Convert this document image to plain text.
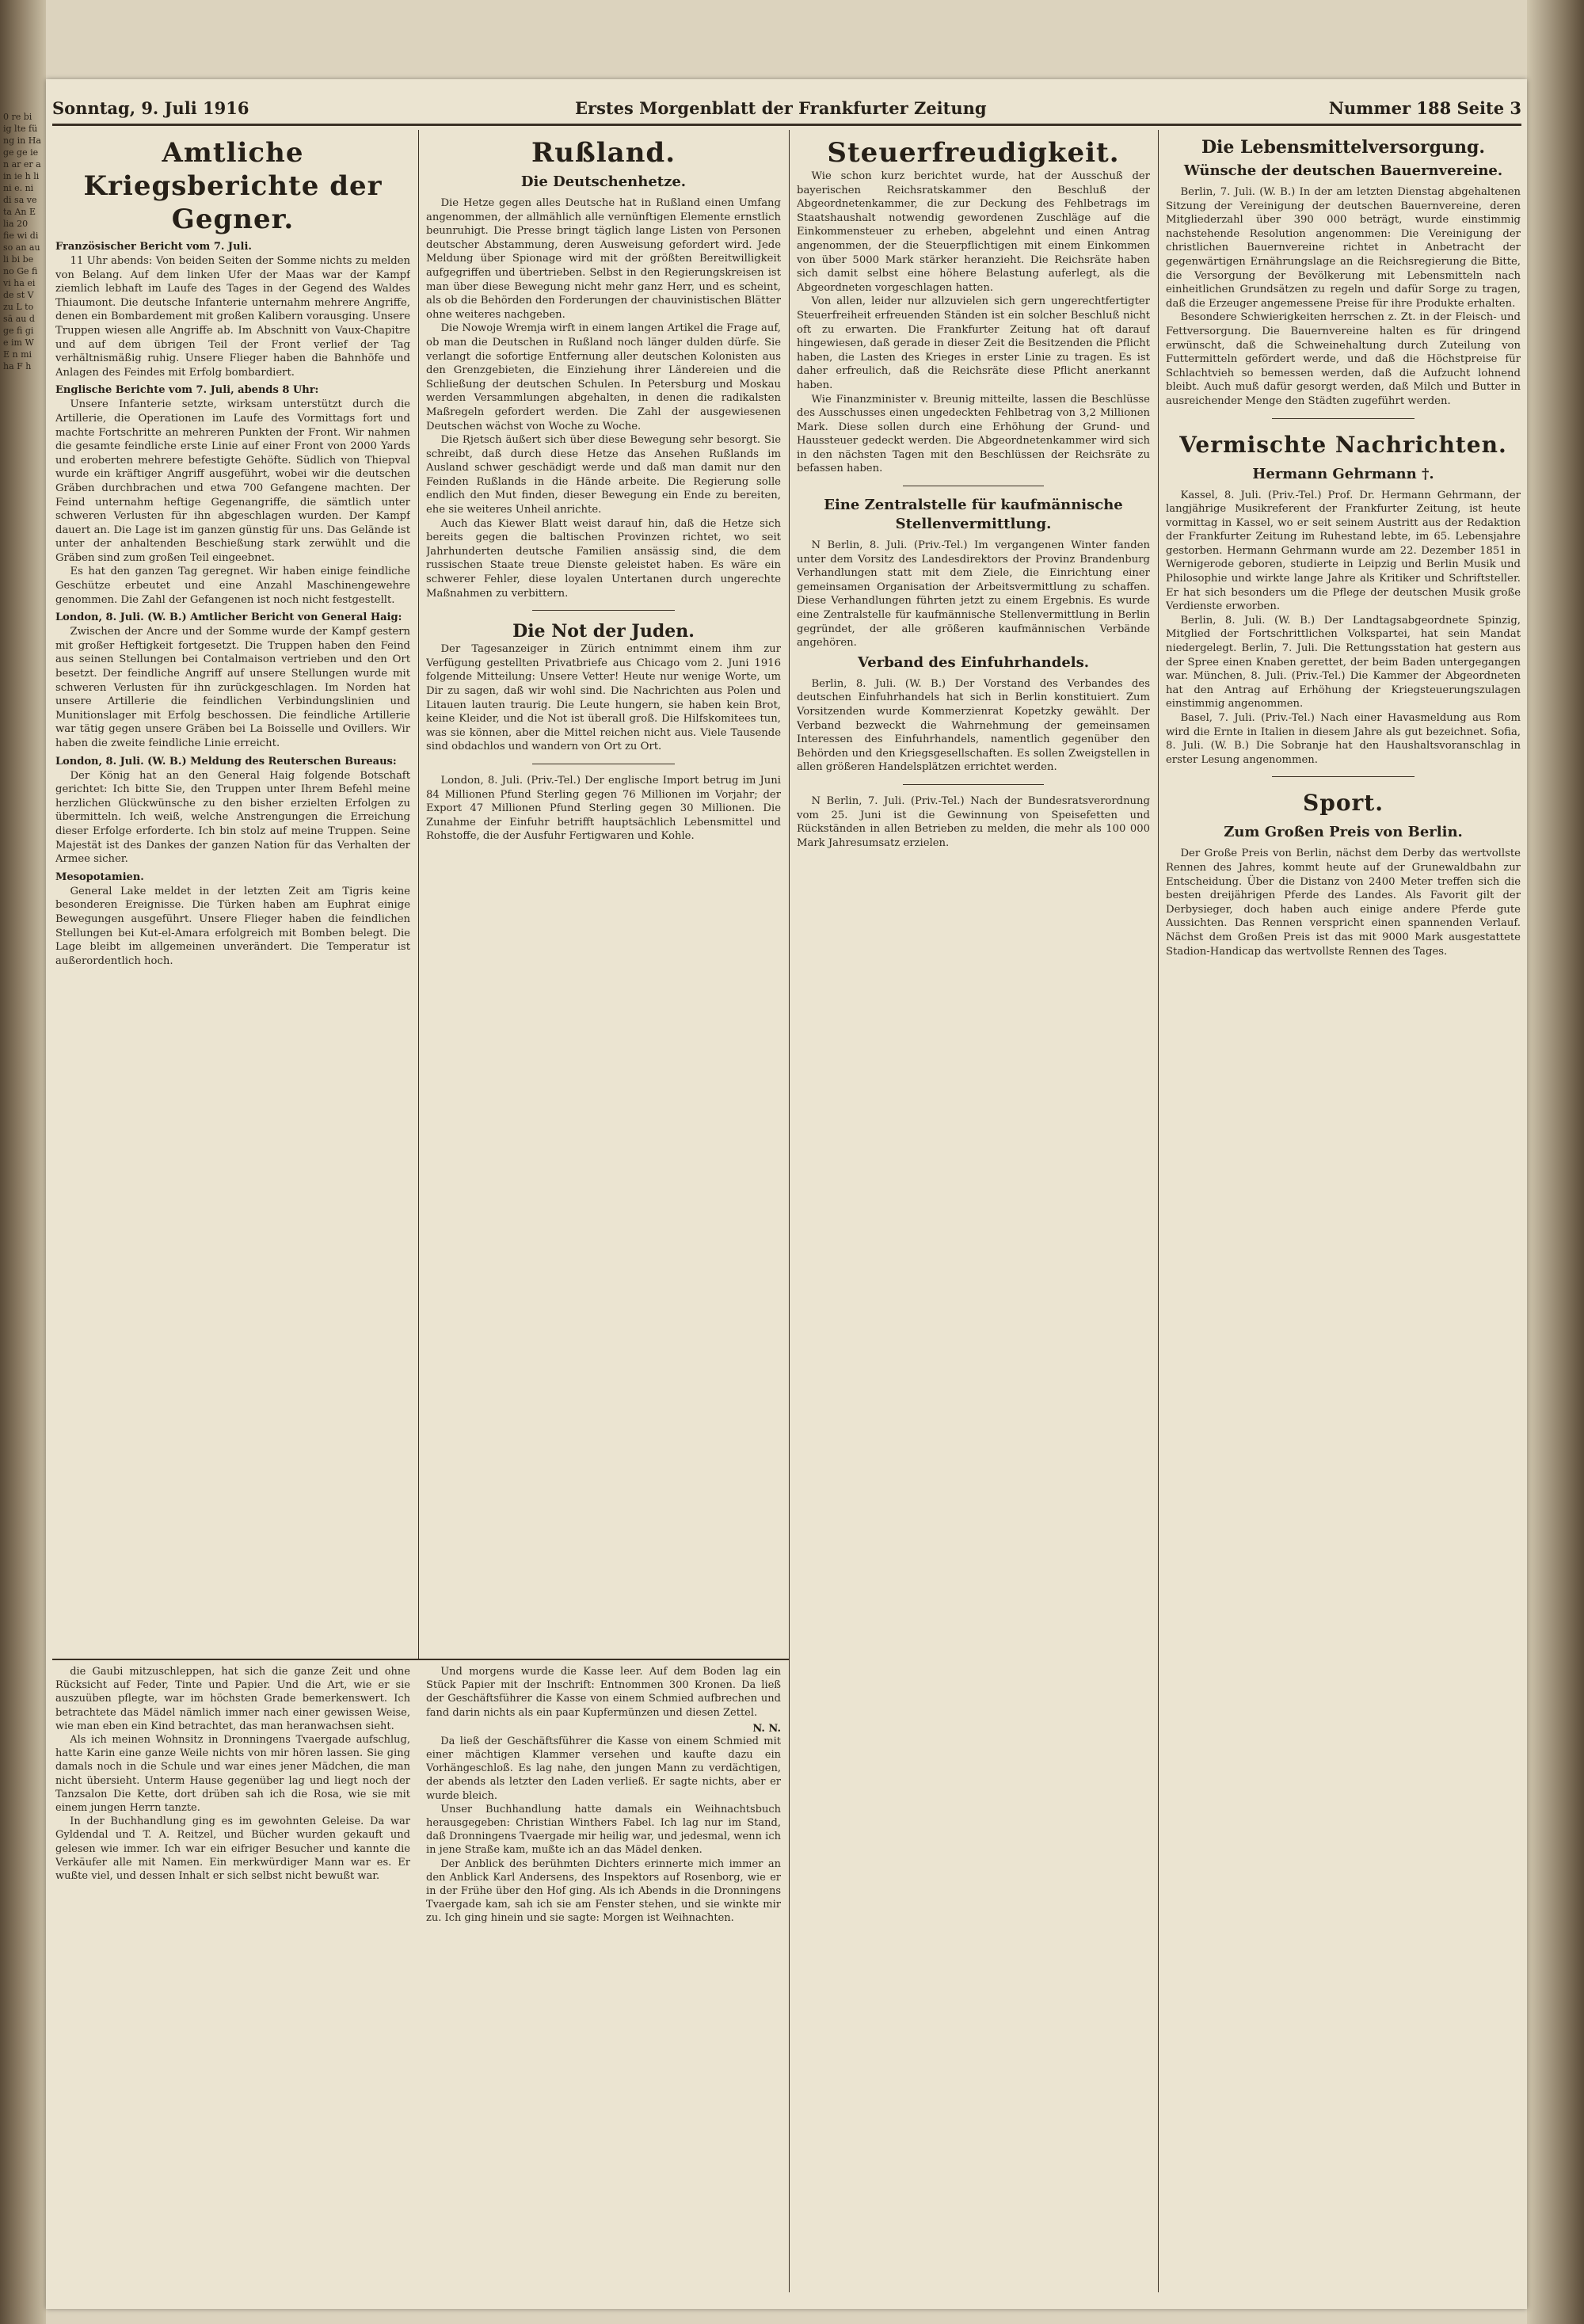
0 re bi ig lte fü ng in Ha ge ge ie n ar er a in ie h li ni e. ni di sa ve ta An E lia 20 fie wi di so an au li bi be no Ge fi vi ha ei de st V zu L to sä au d ge fi gi e im W E n mi ha F h
Sonntag, 9. Juli 1916	Erstes Morgenblatt der Frankfurter Zeitung	Nummer 188 Seite 3
Amtliche Kriegsberichte der Gegner.
Französischer Bericht vom 7. Juli.

11 Uhr abends: Von beiden Seiten der Somme nichts zu melden von Belang. Auf dem linken Ufer der Maas war der Kampf ziemlich lebhaft im Laufe des Tages in der Gegend des Waldes Thiaumont. Die deutsche Infanterie unternahm mehrere Angriffe, denen ein Bombardement mit großen Kalibern vorausging. Unsere Truppen wiesen alle Angriffe ab. Im Abschnitt von Vaux-Chapitre und auf dem übrigen Teil der Front verlief der Tag verhältnismäßig ruhig. Unsere Flieger haben die Bahnhöfe und Anlagen des Feindes mit Erfolg bombardiert.

Englische Berichte vom 7. Juli, abends 8 Uhr:

Unsere Infanterie setzte, wirksam unterstützt durch die Artillerie, die Operationen im Laufe des Vormittags fort und machte Fortschritte an mehreren Punkten der Front. Wir nahmen die gesamte feindliche erste Linie auf einer Front von 2000 Yards und eroberten mehrere befestigte Gehöfte. Südlich von Thiepval wurde ein kräftiger Angriff ausgeführt, wobei wir die deutschen Gräben durchbrachen und etwa 700 Gefangene machten. Der Feind unternahm heftige Gegenangriffe, die sämtlich unter schweren Verlusten für ihn abgeschlagen wurden. Der Kampf dauert an. Die Lage ist im ganzen günstig für uns. Das Gelände ist unter der anhaltenden Beschießung stark zerwühlt und die Gräben sind zum großen Teil eingeebnet.

Es hat den ganzen Tag geregnet. Wir haben einige feindliche Geschütze erbeutet und eine Anzahl Maschinengewehre genommen. Die Zahl der Gefangenen ist noch nicht festgestellt.

London, 8. Juli. (W. B.) Amtlicher Bericht von General Haig:

Zwischen der Ancre und der Somme wurde der Kampf gestern mit großer Heftigkeit fortgesetzt. Die Truppen haben den Feind aus seinen Stellungen bei Contalmaison vertrieben und den Ort besetzt. Der feindliche Angriff auf unsere Stellungen wurde mit schweren Verlusten für ihn zurückgeschlagen. Im Norden hat unsere Artillerie die feindlichen Verbindungslinien und Munitionslager mit Erfolg beschossen. Die feindliche Artillerie war tätig gegen unsere Gräben bei La Boisselle und Ovillers. Wir haben die zweite feindliche Linie erreicht.

London, 8. Juli. (W. B.) Meldung des Reuterschen Bureaus:

Der König hat an den General Haig folgende Botschaft gerichtet: Ich bitte Sie, den Truppen unter Ihrem Befehl meine herzlichen Glückwünsche zu den bisher erzielten Erfolgen zu übermitteln. Ich weiß, welche Anstrengungen die Erreichung dieser Erfolge erforderte. Ich bin stolz auf meine Truppen. Seine Majestät ist des Dankes der ganzen Nation für das Verhalten der Armee sicher.

Mesopotamien.

General Lake meldet in der letzten Zeit am Tigris keine besonderen Ereignisse. Die Türken haben am Euphrat einige Bewegungen ausgeführt. Unsere Flieger haben die feindlichen Stellungen bei Kut-el-Amara erfolgreich mit Bomben belegt. Die Lage bleibt im allgemeinen unverändert. Die Temperatur ist außerordentlich hoch.

Rußland.
Die Deutschenhetze.

Die Hetze gegen alles Deutsche hat in Rußland einen Umfang angenommen, der allmählich alle vernünftigen Elemente ernstlich beunruhigt. Die Presse bringt täglich lange Listen von Personen deutscher Abstammung, deren Ausweisung gefordert wird. Jede Meldung über Spionage wird mit der größten Bereitwilligkeit aufgegriffen und übertrieben. Selbst in den Regierungskreisen ist man über diese Bewegung nicht mehr ganz Herr, und es scheint, als ob die Behörden den Forderungen der chauvinistischen Blätter ohne weiteres nachgeben.

Die Nowoje Wremja wirft in einem langen Artikel die Frage auf, ob man die Deutschen in Rußland noch länger dulden dürfe. Sie verlangt die sofortige Entfernung aller deutschen Kolonisten aus den Grenzgebieten, die Einziehung ihrer Ländereien und die Schließung der deutschen Schulen. In Petersburg und Moskau werden Versammlungen abgehalten, in denen die radikalsten Maßregeln gefordert werden. Die Zahl der ausgewiesenen Deutschen wächst von Woche zu Woche.

Die Rjetsch äußert sich über diese Bewegung sehr besorgt. Sie schreibt, daß durch diese Hetze das Ansehen Rußlands im Ausland schwer geschädigt werde und daß man damit nur den Feinden Rußlands in die Hände arbeite. Die Regierung solle endlich den Mut finden, dieser Bewegung ein Ende zu bereiten, ehe sie weiteres Unheil anrichte.

Auch das Kiewer Blatt weist darauf hin, daß die Hetze sich bereits gegen die baltischen Provinzen richtet, wo seit Jahrhunderten deutsche Familien ansässig sind, die dem russischen Staate treue Dienste geleistet haben. Es wäre ein schwerer Fehler, diese loyalen Untertanen durch ungerechte Maßnahmen zu verbittern.

Die Not der Juden.

Der Tagesanzeiger in Zürich entnimmt einem ihm zur Verfügung gestellten Privatbriefe aus Chicago vom 2. Juni 1916 folgende Mitteilung: Unsere Vetter! Heute nur wenige Worte, um Dir zu sagen, daß wir wohl sind. Die Nachrichten aus Polen und Litauen lauten traurig. Die Leute hungern, sie haben kein Brot, keine Kleider, und die Not ist überall groß. Die Hilfskomitees tun, was sie können, aber die Mittel reichen nicht aus. Viele Tausende sind obdachlos und wandern von Ort zu Ort.

London, 8. Juli. (Priv.-Tel.) Der englische Import betrug im Juni 84 Millionen Pfund Sterling gegen 76 Millionen im Vorjahr; der Export 47 Millionen Pfund Sterling gegen 30 Millionen. Die Zunahme der Einfuhr betrifft hauptsächlich Lebensmittel und Rohstoffe, die der Ausfuhr Fertigwaren und Kohle.

Steuerfreudigkeit.

Wie schon kurz berichtet wurde, hat der Ausschuß der bayerischen Reichsratskammer den Beschluß der Abgeordnetenkammer, die zur Deckung des Fehlbetrags im Staatshaushalt notwendig gewordenen Zuschläge auf die Einkommensteuer zu erheben, abgelehnt und einen Antrag angenommen, der die Steuerpflichtigen mit einem Einkommen von über 5000 Mark stärker heranzieht. Die Reichsräte haben sich damit selbst eine höhere Belastung auferlegt, als die Abgeordneten vorgeschlagen hatten.

Von allen, leider nur allzuvielen sich gern ungerechtfertigter Steuerfreiheit erfreuenden Ständen ist ein solcher Beschluß nicht oft zu erwarten. Die Frankfurter Zeitung hat oft darauf hingewiesen, daß gerade in dieser Zeit die Besitzenden die Pflicht haben, die Lasten des Krieges in erster Linie zu tragen. Es ist daher erfreulich, daß die Reichsräte diese Pflicht anerkannt haben.

Wie Finanzminister v. Breunig mitteilte, lassen die Beschlüsse des Ausschusses einen ungedeckten Fehlbetrag von 3,2 Millionen Mark. Diese sollen durch eine Erhöhung der Grund- und Haussteuer gedeckt werden. Die Abgeordnetenkammer wird sich in den nächsten Tagen mit den Beschlüssen der Reichsräte zu befassen haben.

Eine Zentralstelle für kaufmännische Stellenvermittlung.

N Berlin, 8. Juli. (Priv.-Tel.) Im vergangenen Winter fanden unter dem Vorsitz des Landesdirektors der Provinz Brandenburg Verhandlungen statt mit dem Ziele, die Einrichtung einer gemeinsamen Organisation der Arbeitsvermittlung zu schaffen. Diese Verhandlungen führten jetzt zu einem Ergebnis. Es wurde eine Zentralstelle für kaufmännische Stellenvermittlung in Berlin gegründet, der alle größeren kaufmännischen Verbände angehören.

Verband des Einfuhrhandels.

Berlin, 8. Juli. (W. B.) Der Vorstand des Verbandes des deutschen Einfuhrhandels hat sich in Berlin konstituiert. Zum Vorsitzenden wurde Kommerzienrat Kopetzky gewählt. Der Verband bezweckt die Wahrnehmung der gemeinsamen Interessen des Einfuhrhandels, namentlich gegenüber den Behörden und den Kriegsgesellschaften. Es sollen Zweigstellen in allen größeren Handelsplätzen errichtet werden.

N Berlin, 7. Juli. (Priv.-Tel.) Nach der Bundesratsverordnung vom 25. Juni ist die Gewinnung von Speisefetten und Rückständen in allen Betrieben zu melden, die mehr als 100 000 Mark Jahresumsatz erzielen.

Die Lebensmittelversorgung.
Wünsche der deutschen Bauernvereine.

Berlin, 7. Juli. (W. B.) In der am letzten Dienstag abgehaltenen Sitzung der Vereinigung der deutschen Bauernvereine, deren Mitgliederzahl über 390 000 beträgt, wurde einstimmig nachstehende Resolution angenommen: Die Vereinigung der christlichen Bauernvereine richtet in Anbetracht der gegenwärtigen Ernährungslage an die Reichsregierung die Bitte, die Versorgung der Bevölkerung mit Lebensmitteln nach einheitlichen Grundsätzen zu regeln und dafür Sorge zu tragen, daß die Erzeuger angemessene Preise für ihre Produkte erhalten.

Besondere Schwierigkeiten herrschen z. Zt. in der Fleisch- und Fettversorgung. Die Bauernvereine halten es für dringend erwünscht, daß die Schweinehaltung durch Zuteilung von Futtermitteln gefördert werde, und daß die Höchstpreise für Schlachtvieh so bemessen werden, daß die Aufzucht lohnend bleibt. Auch muß dafür gesorgt werden, daß Milch und Butter in ausreichender Menge den Städten zugeführt werden.

Vermischte Nachrichten.
Hermann Gehrmann †.

Kassel, 8. Juli. (Priv.-Tel.) Prof. Dr. Hermann Gehrmann, der langjährige Musikreferent der Frankfurter Zeitung, ist heute vormittag in Kassel, wo er seit seinem Austritt aus der Redaktion der Frankfurter Zeitung im Ruhestand lebte, im 65. Lebensjahre gestorben. Hermann Gehrmann wurde am 22. Dezember 1851 in Wernigerode geboren, studierte in Leipzig und Berlin Musik und Philosophie und wirkte lange Jahre als Kritiker und Schriftsteller. Er hat sich besonders um die Pflege der deutschen Musik große Verdienste erworben.

Berlin, 8. Juli. (W. B.) Der Landtagsabgeordnete Spinzig, Mitglied der Fortschrittlichen Volkspartei, hat sein Mandat niedergelegt. Berlin, 7. Juli. Die Rettungsstation hat gestern aus der Spree einen Knaben gerettet, der beim Baden untergegangen war. München, 8. Juli. (Priv.-Tel.) Die Kammer der Abgeordneten hat den Antrag auf Erhöhung der Kriegsteuerungszulagen einstimmig angenommen.

Basel, 7. Juli. (Priv.-Tel.) Nach einer Havasmeldung aus Rom wird die Ernte in Italien in diesem Jahre als gut bezeichnet. Sofia, 8. Juli. (W. B.) Die Sobranje hat den Haushaltsvoranschlag in erster Lesung angenommen.

Sport.
Zum Großen Preis von Berlin.

Der Große Preis von Berlin, nächst dem Derby das wertvollste Rennen des Jahres, kommt heute auf der Grunewaldbahn zur Entscheidung. Über die Distanz von 2400 Meter treffen sich die besten dreijährigen Pferde des Landes. Als Favorit gilt der Derbysieger, doch haben auch einige andere Pferde gute Aussichten. Das Rennen verspricht einen spannenden Verlauf. Nächst dem Großen Preis ist das mit 9000 Mark ausgestattete Stadion-Handicap das wertvollste Rennen des Tages.

die Gaubi mitzuschleppen, hat sich die ganze Zeit und ohne Rücksicht auf Feder, Tinte und Papier. Und die Art, wie er sie auszuüben pflegte, war im höchsten Grade bemerkenswert. Ich betrachtete das Mädel nämlich immer nach einer gewissen Weise, wie man eben ein Kind betrachtet, das man heranwachsen sieht.

Als ich meinen Wohnsitz in Dronningens Tvaergade aufschlug, hatte Karin eine ganze Weile nichts von mir hören lassen. Sie ging damals noch in die Schule und war eines jener Mädchen, die man nicht übersieht. Unterm Hause gegenüber lag und liegt noch der Tanzsalon Die Kette, dort drüben sah ich die Rosa, wie sie mit einem jungen Herrn tanzte.

In der Buchhandlung ging es im gewohnten Geleise. Da war Gyldendal und T. A. Reitzel, und Bücher wurden gekauft und gelesen wie immer. Ich war ein eifriger Besucher und kannte die Verkäufer alle mit Namen. Ein merkwürdiger Mann war es. Er wußte viel, und dessen Inhalt er sich selbst nicht bewußt war.

Und morgens wurde die Kasse leer. Auf dem Boden lag ein Stück Papier mit der Inschrift: Entnommen 300 Kronen. Da ließ der Geschäftsführer die Kasse von einem Schmied aufbrechen und fand darin nichts als ein paar Kupfermünzen und diesen Zettel.

N. N.

Da ließ der Geschäftsführer die Kasse von einem Schmied mit einer mächtigen Klammer versehen und kaufte dazu ein Vorhängeschloß. Es lag nahe, den jungen Mann zu verdächtigen, der abends als letzter den Laden verließ. Er sagte nichts, aber er wurde bleich.

Unser Buchhandlung hatte damals ein Weihnachtsbuch herausgegeben: Christian Winthers Fabel. Ich lag nur im Stand, daß Dronningens Tvaergade mir heilig war, und jedesmal, wenn ich in jene Straße kam, mußte ich an das Mädel denken.

Der Anblick des berühmten Dichters erinnerte mich immer an den Anblick Karl Andersens, des Inspektors auf Rosenborg, wie er in der Frühe über den Hof ging. Als ich Abends in die Dronningens Tvaergade kam, sah ich sie am Fenster stehen, und sie winkte mir zu. Ich ging hinein und sie sagte: Morgen ist Weihnachten.
